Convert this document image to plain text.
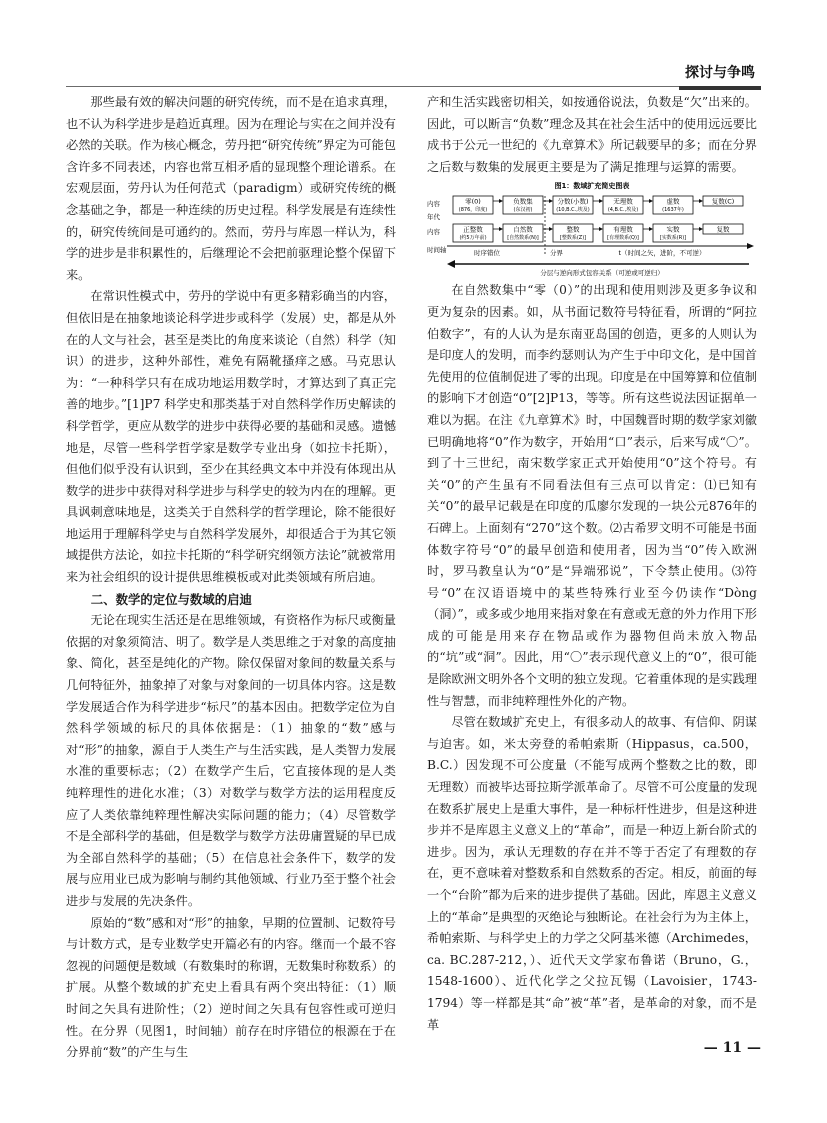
探讨与争鸣

那些最有效的解决问题的研究传统，而不是在追求真理，也不认为科学进步是趋近真理。因为在理论与实在之间并没有必然的关联。作为核心概念，劳丹把“研究传统”界定为可能包含许多不同表述，内容也常互相矛盾的显现整个理论谱系。在宏观层面，劳丹认为任何范式（paradigm）或研究传统的概念基础之争，都是一种连续的历史过程。科学发展是有连续性的，研究传统间是可通约的。然而，劳丹与库恩一样认为，科学的进步是非积累性的，后继理论不会把前驱理论整个保留下来。

在常识性模式中，劳丹的学说中有更多精彩确当的内容，但依旧是在抽象地谈论科学进步或科学（发展）史，都是从外在的人文与社会，甚至是类比的角度来谈论（自然）科学（知识）的进步，这种外部性，难免有隔靴搔痒之感。马克思认为：“一种科学只有在成功地运用数学时，才算达到了真正完善的地步。”[1]P7 科学史和那类基于对自然科学作历史解读的科学哲学，更应从数学的进步中获得必要的基础和灵感。遗憾地是，尽管一些科学哲学家是数学专业出身（如拉卡托斯），但他们似乎没有认识到，至少在其经典文本中并没有体现出从数学的进步中获得对科学进步与科学史的较为内在的理解。更具讽刺意味地是，这类关于自然科学的哲学理论，除不能很好地运用于理解科学史与自然科学发展外，却很适合于为其它领域提供方法论，如拉卡托斯的“科学研究纲领方法论”就被常用来为社会组织的设计提供思维模板或对此类领域有所启迪。

二、数学的定位与数域的启迪

无论在现实生活还是在思维领域，有资格作为标尺或衡量依据的对象须简洁、明了。数学是人类思维之于对象的高度抽象、简化，甚至是纯化的产物。除仅保留对象间的数量关系与几何特征外，抽象掉了对象与对象间的一切具体内容。这是数学发展适合作为科学进步“标尺”的基本因由。把数学定位为自然科学领域的标尺的具体依据是：（1）抽象的“数”感与对“形”的抽象，源自于人类生产与生活实践，是人类智力发展水准的重要标志；（2）在数学产生后，它直接体现的是人类纯粹理性的进化水准；（3）对数学与数学方法的运用程度反应了人类依靠纯粹理性解决实际问题的能力；（4）尽管数学不是全部科学的基础，但是数学与数学方法毋庸置疑的早已成为全部自然科学的基础；（5）在信息社会条件下，数学的发展与应用业已成为影响与制约其他领域、行业乃至于整个社会进步与发展的先决条件。

原始的“数”感和对“形”的抽象，早期的位置制、记数符号与计数方式，是专业数学史开篇必有的内容。继而一个最不容忽视的问题便是数域（有数集时的称谓，无数集时称数系）的扩展。从整个数域的扩充史上看具有两个突出特征：（1）顺时间之矢具有进阶性；（2）逆时间之矢具有包容性或可逆归性。在分界（见图1，时间轴）前存在时序错位的根源在于在分界前“数”的产生与生

产和生活实践密切相关，如按通俗说法，负数是“欠”出来的。因此，可以断言“负数”理念及其在社会生活中的使用远远要比成书于公元一世纪的《九章算术》所记载要早的多；而在分界之后数与数集的发展更主要是为了满足推理与运算的需要。

图1：数域扩充简史图表
内容
年代
内容
时间轴
零(0)
(876，印度)
负数集
(东汉初)
分数(小数)
(10,B.C.,埃及)
无理数
(4,B.C.,埃及)
虚数
(1637年)
复数(C)
正整数
(约5万年前)
自然数
[自然数系(N)]
整数
[整数系(Z)]
有理数
[有理数系(Q)]
实数
[实数系(R)]
复数
时序错位	分界	t（时间之矢，进阶，不可逆）
分层与逆向形式包容关系（可逆或可逆归）

在自然数集中“零（0）”的出现和使用则涉及更多争议和更为复杂的因素。如，从书面记数符号特征看，所谓的“阿拉伯数字”，有的人认为是东南亚岛国的创造，更多的人则认为是印度人的发明，而李约瑟则认为产生于中印文化，是中国首先使用的位值制促进了零的出现。印度是在中国筹算和位值制的影响下才创造“0”[2]P13，等等。所有这些说法因证据单一难以为据。在注《九章算术》时，中国魏晋时期的数学家刘徽已明确地将“0”作为数字，开始用“口”表示，后来写成“〇”。到了十三世纪，南宋数学家正式开始使用“0”这个符号。有关“0”的产生虽有不同看法但有三点可以肯定：⑴已知有关“0”的最早记载是在印度的瓜廖尔发现的一块公元876年的石碑上。上面刻有“270”这个数。⑵古希罗文明不可能是书面体数字符号“0”的最早创造和使用者，因为当“0”传入欧洲时，罗马教皇认为“0”是“异端邪说”，下令禁止使用。⑶符号“0”在汉语语境中的某些特殊行业至今仍读作“Dòng（洞）”，或多或少地用来指对象在有意或无意的外力作用下形成的可能是用来存在物品或作为器物但尚未放入物品的“坑”或“洞”。因此，用“〇”表示现代意义上的“0”，很可能是除欧洲文明外各个文明的独立发现。它着重体现的是实践理性与智慧，而非纯粹理性外化的产物。

尽管在数域扩充史上，有很多动人的故事、有信仰、阴谋与迫害。如，米太旁登的希帕索斯（Hippasus，ca.500，B.C.）因发现不可公度量（不能写成两个整数之比的数，即无理数）而被毕达哥拉斯学派革命了。尽管不可公度量的发现在数系扩展史上是重大事件，是一种标杆性进步，但是这种进步并不是库恩主义意义上的“革命”，而是一种迈上新台阶式的进步。因为，承认无理数的存在并不等于否定了有理数的存在，更不意味着对整数系和自然数系的否定。相反，前面的每一个“台阶”都为后来的进步提供了基础。因此，库恩主义意义上的“革命”是典型的灭绝论与独断论。在社会行为为主体上，希帕索斯、与科学史上的力学之父阿基米德（Archimedes，ca. BC.287-212，）、近代天文学家布鲁诺（Bruno，G.，1548-1600）、近代化学之父拉瓦锡（Lavoisier，1743-1794）等一样都是其“命”被“革”者，是革命的对象，而不是革

— 11 —
